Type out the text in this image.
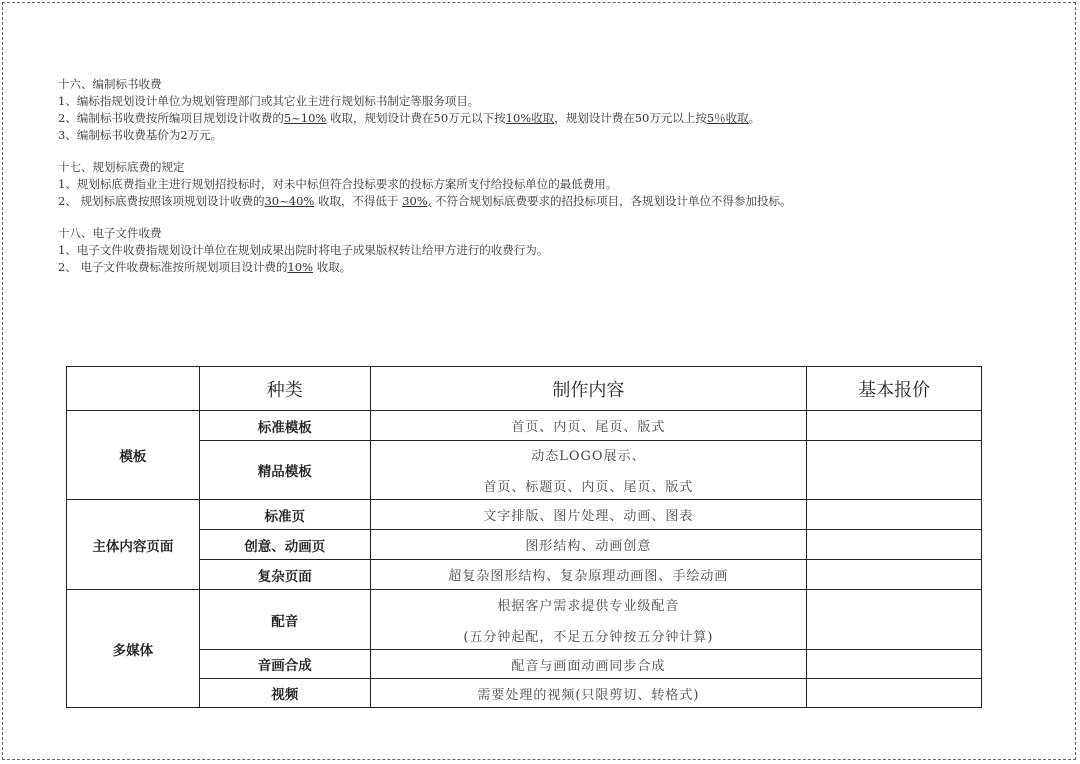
十六、编制标书收费
1、编标指规划设计单位为规划管理部门或其它业主进行规划标书制定等服务项目。
2、编制标书收费按所编项目规划设计收费的5~10% 收取，规划设计费在50万元以下按10%收取，规划设计费在50万元以上按5％收取。
3、编制标书收费基价为2万元。
十七、规划标底费的规定
1、规划标底费指业主进行规划招投标时，对未中标但符合投标要求的投标方案所支付给投标单位的最低费用。
2、 规划标底费按照该项规划设计收费的30~40% 收取，不得低于 30%, 不符合规划标底费要求的招投标项目，各规划设计单位不得参加投标。
十八、电子文件收费
1、电子文件收费指规划设计单位在规划成果出院时将电子成果版权转让给甲方进行的收费行为。
2、 电子文件收费标准按所规划项目设计费的10% 收取。
	种类	制作内容	基本报价
模板	标准模板	首页、内页、尾页、版式	

	精品模板	动态LOGO展示、
首页、标题页、内页、尾页、版式	

主体内容页面	标准页	文字排版、图片处理、动画、图表	

	创意、动画页	图形结构、动画创意	

	复杂页面	超复杂图形结构、复杂原理动画图、手绘动画	

多媒体	配音	根据客户需求提供专业级配音
(五分钟起配，不足五分钟按五分钟计算)	

	音画合成	配音与画面动画同步合成	

	视频	需要处理的视频(只限剪切、转格式)	
